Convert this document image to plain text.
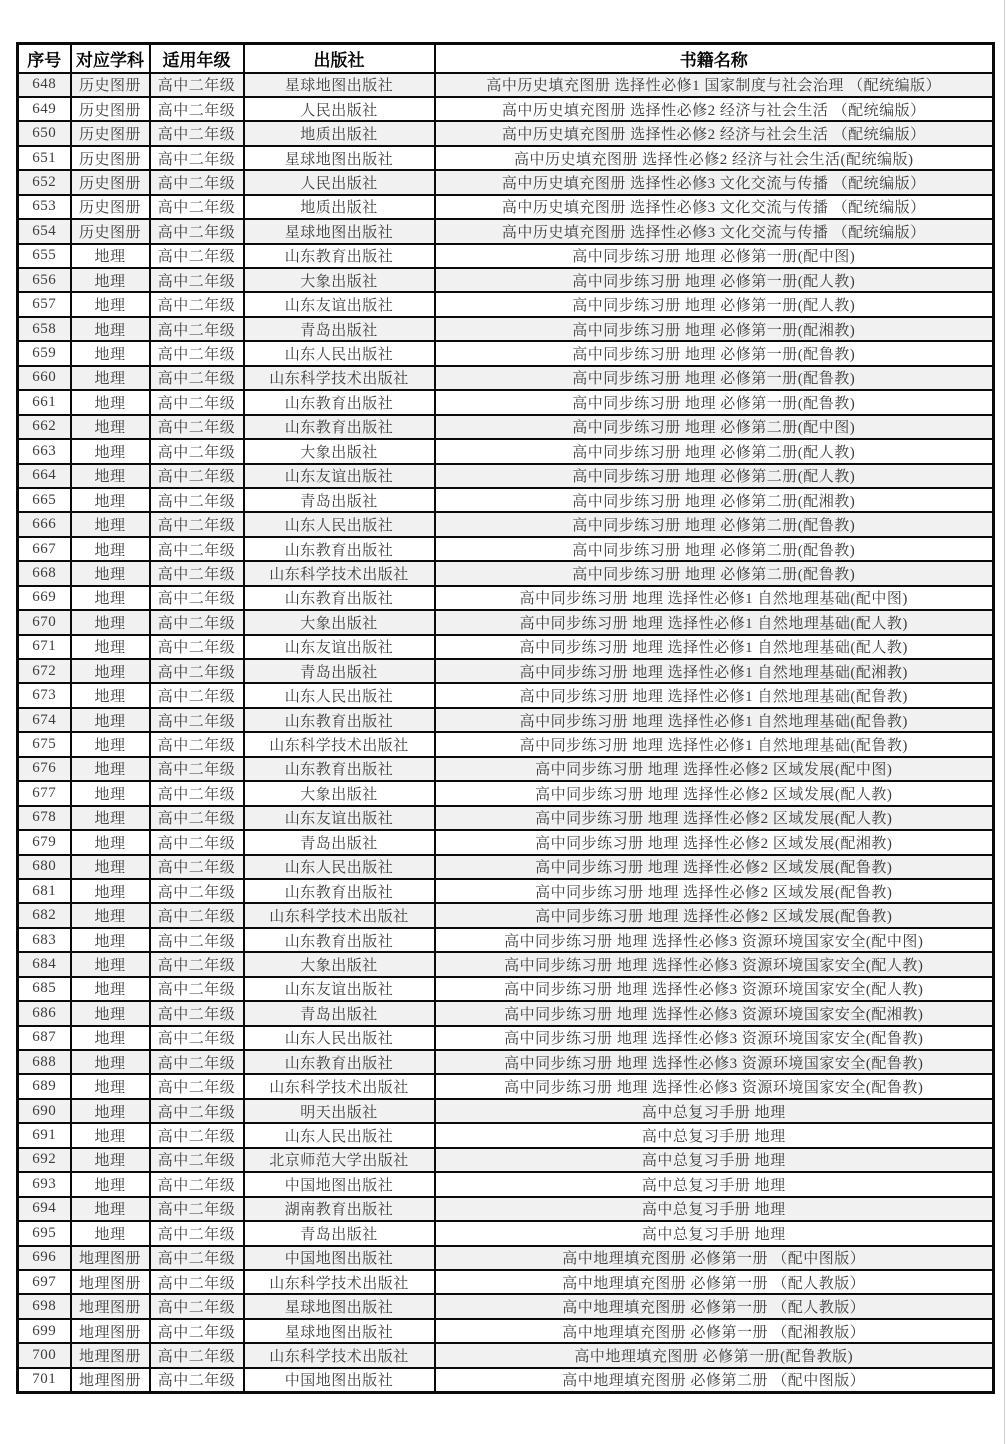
序号	对应学科	适用年级	出版社	书籍名称
648	历史图册	高中二年级	星球地图出版社	高中历史填充图册 选择性必修1 国家制度与社会治理 （配统编版）
649	历史图册	高中二年级	人民出版社	高中历史填充图册 选择性必修2 经济与社会生活 （配统编版）
650	历史图册	高中二年级	地质出版社	高中历史填充图册 选择性必修2 经济与社会生活 （配统编版）
651	历史图册	高中二年级	星球地图出版社	高中历史填充图册 选择性必修2 经济与社会生活(配统编版)
652	历史图册	高中二年级	人民出版社	高中历史填充图册 选择性必修3 文化交流与传播 （配统编版）
653	历史图册	高中二年级	地质出版社	高中历史填充图册 选择性必修3 文化交流与传播 （配统编版）
654	历史图册	高中二年级	星球地图出版社	高中历史填充图册 选择性必修3 文化交流与传播 （配统编版）
655	地理	高中二年级	山东教育出版社	高中同步练习册 地理 必修第一册(配中图)
656	地理	高中二年级	大象出版社	高中同步练习册 地理 必修第一册(配人教)
657	地理	高中二年级	山东友谊出版社	高中同步练习册 地理 必修第一册(配人教)
658	地理	高中二年级	青岛出版社	高中同步练习册 地理 必修第一册(配湘教)
659	地理	高中二年级	山东人民出版社	高中同步练习册 地理 必修第一册(配鲁教)
660	地理	高中二年级	山东科学技术出版社	高中同步练习册 地理 必修第一册(配鲁教)
661	地理	高中二年级	山东教育出版社	高中同步练习册 地理 必修第一册(配鲁教)
662	地理	高中二年级	山东教育出版社	高中同步练习册 地理 必修第二册(配中图)
663	地理	高中二年级	大象出版社	高中同步练习册 地理 必修第二册(配人教)
664	地理	高中二年级	山东友谊出版社	高中同步练习册 地理 必修第二册(配人教)
665	地理	高中二年级	青岛出版社	高中同步练习册 地理 必修第二册(配湘教)
666	地理	高中二年级	山东人民出版社	高中同步练习册 地理 必修第二册(配鲁教)
667	地理	高中二年级	山东教育出版社	高中同步练习册 地理 必修第二册(配鲁教)
668	地理	高中二年级	山东科学技术出版社	高中同步练习册 地理 必修第二册(配鲁教)
669	地理	高中二年级	山东教育出版社	高中同步练习册 地理 选择性必修1 自然地理基础(配中图)
670	地理	高中二年级	大象出版社	高中同步练习册 地理 选择性必修1 自然地理基础(配人教)
671	地理	高中二年级	山东友谊出版社	高中同步练习册 地理 选择性必修1 自然地理基础(配人教)
672	地理	高中二年级	青岛出版社	高中同步练习册 地理 选择性必修1 自然地理基础(配湘教)
673	地理	高中二年级	山东人民出版社	高中同步练习册 地理 选择性必修1 自然地理基础(配鲁教)
674	地理	高中二年级	山东教育出版社	高中同步练习册 地理 选择性必修1 自然地理基础(配鲁教)
675	地理	高中二年级	山东科学技术出版社	高中同步练习册 地理 选择性必修1 自然地理基础(配鲁教)
676	地理	高中二年级	山东教育出版社	高中同步练习册 地理 选择性必修2 区域发展(配中图)
677	地理	高中二年级	大象出版社	高中同步练习册 地理 选择性必修2 区域发展(配人教)
678	地理	高中二年级	山东友谊出版社	高中同步练习册 地理 选择性必修2 区域发展(配人教)
679	地理	高中二年级	青岛出版社	高中同步练习册 地理 选择性必修2 区域发展(配湘教)
680	地理	高中二年级	山东人民出版社	高中同步练习册 地理 选择性必修2 区域发展(配鲁教)
681	地理	高中二年级	山东教育出版社	高中同步练习册 地理 选择性必修2 区域发展(配鲁教)
682	地理	高中二年级	山东科学技术出版社	高中同步练习册 地理 选择性必修2 区域发展(配鲁教)
683	地理	高中二年级	山东教育出版社	高中同步练习册 地理 选择性必修3 资源环境国家安全(配中图)
684	地理	高中二年级	大象出版社	高中同步练习册 地理 选择性必修3 资源环境国家安全(配人教)
685	地理	高中二年级	山东友谊出版社	高中同步练习册 地理 选择性必修3 资源环境国家安全(配人教)
686	地理	高中二年级	青岛出版社	高中同步练习册 地理 选择性必修3 资源环境国家安全(配湘教)
687	地理	高中二年级	山东人民出版社	高中同步练习册 地理 选择性必修3 资源环境国家安全(配鲁教)
688	地理	高中二年级	山东教育出版社	高中同步练习册 地理 选择性必修3 资源环境国家安全(配鲁教)
689	地理	高中二年级	山东科学技术出版社	高中同步练习册 地理 选择性必修3 资源环境国家安全(配鲁教)
690	地理	高中二年级	明天出版社	高中总复习手册 地理
691	地理	高中二年级	山东人民出版社	高中总复习手册 地理
692	地理	高中二年级	北京师范大学出版社	高中总复习手册 地理
693	地理	高中二年级	中国地图出版社	高中总复习手册 地理
694	地理	高中二年级	湖南教育出版社	高中总复习手册 地理
695	地理	高中二年级	青岛出版社	高中总复习手册 地理
696	地理图册	高中二年级	中国地图出版社	高中地理填充图册 必修第一册 （配中图版）
697	地理图册	高中二年级	山东科学技术出版社	高中地理填充图册 必修第一册 （配人教版）
698	地理图册	高中二年级	星球地图出版社	高中地理填充图册 必修第一册 （配人教版）
699	地理图册	高中二年级	星球地图出版社	高中地理填充图册 必修第一册 （配湘教版）
700	地理图册	高中二年级	山东科学技术出版社	高中地理填充图册 必修第一册(配鲁教版)
701	地理图册	高中二年级	中国地图出版社	高中地理填充图册 必修第二册 （配中图版）
